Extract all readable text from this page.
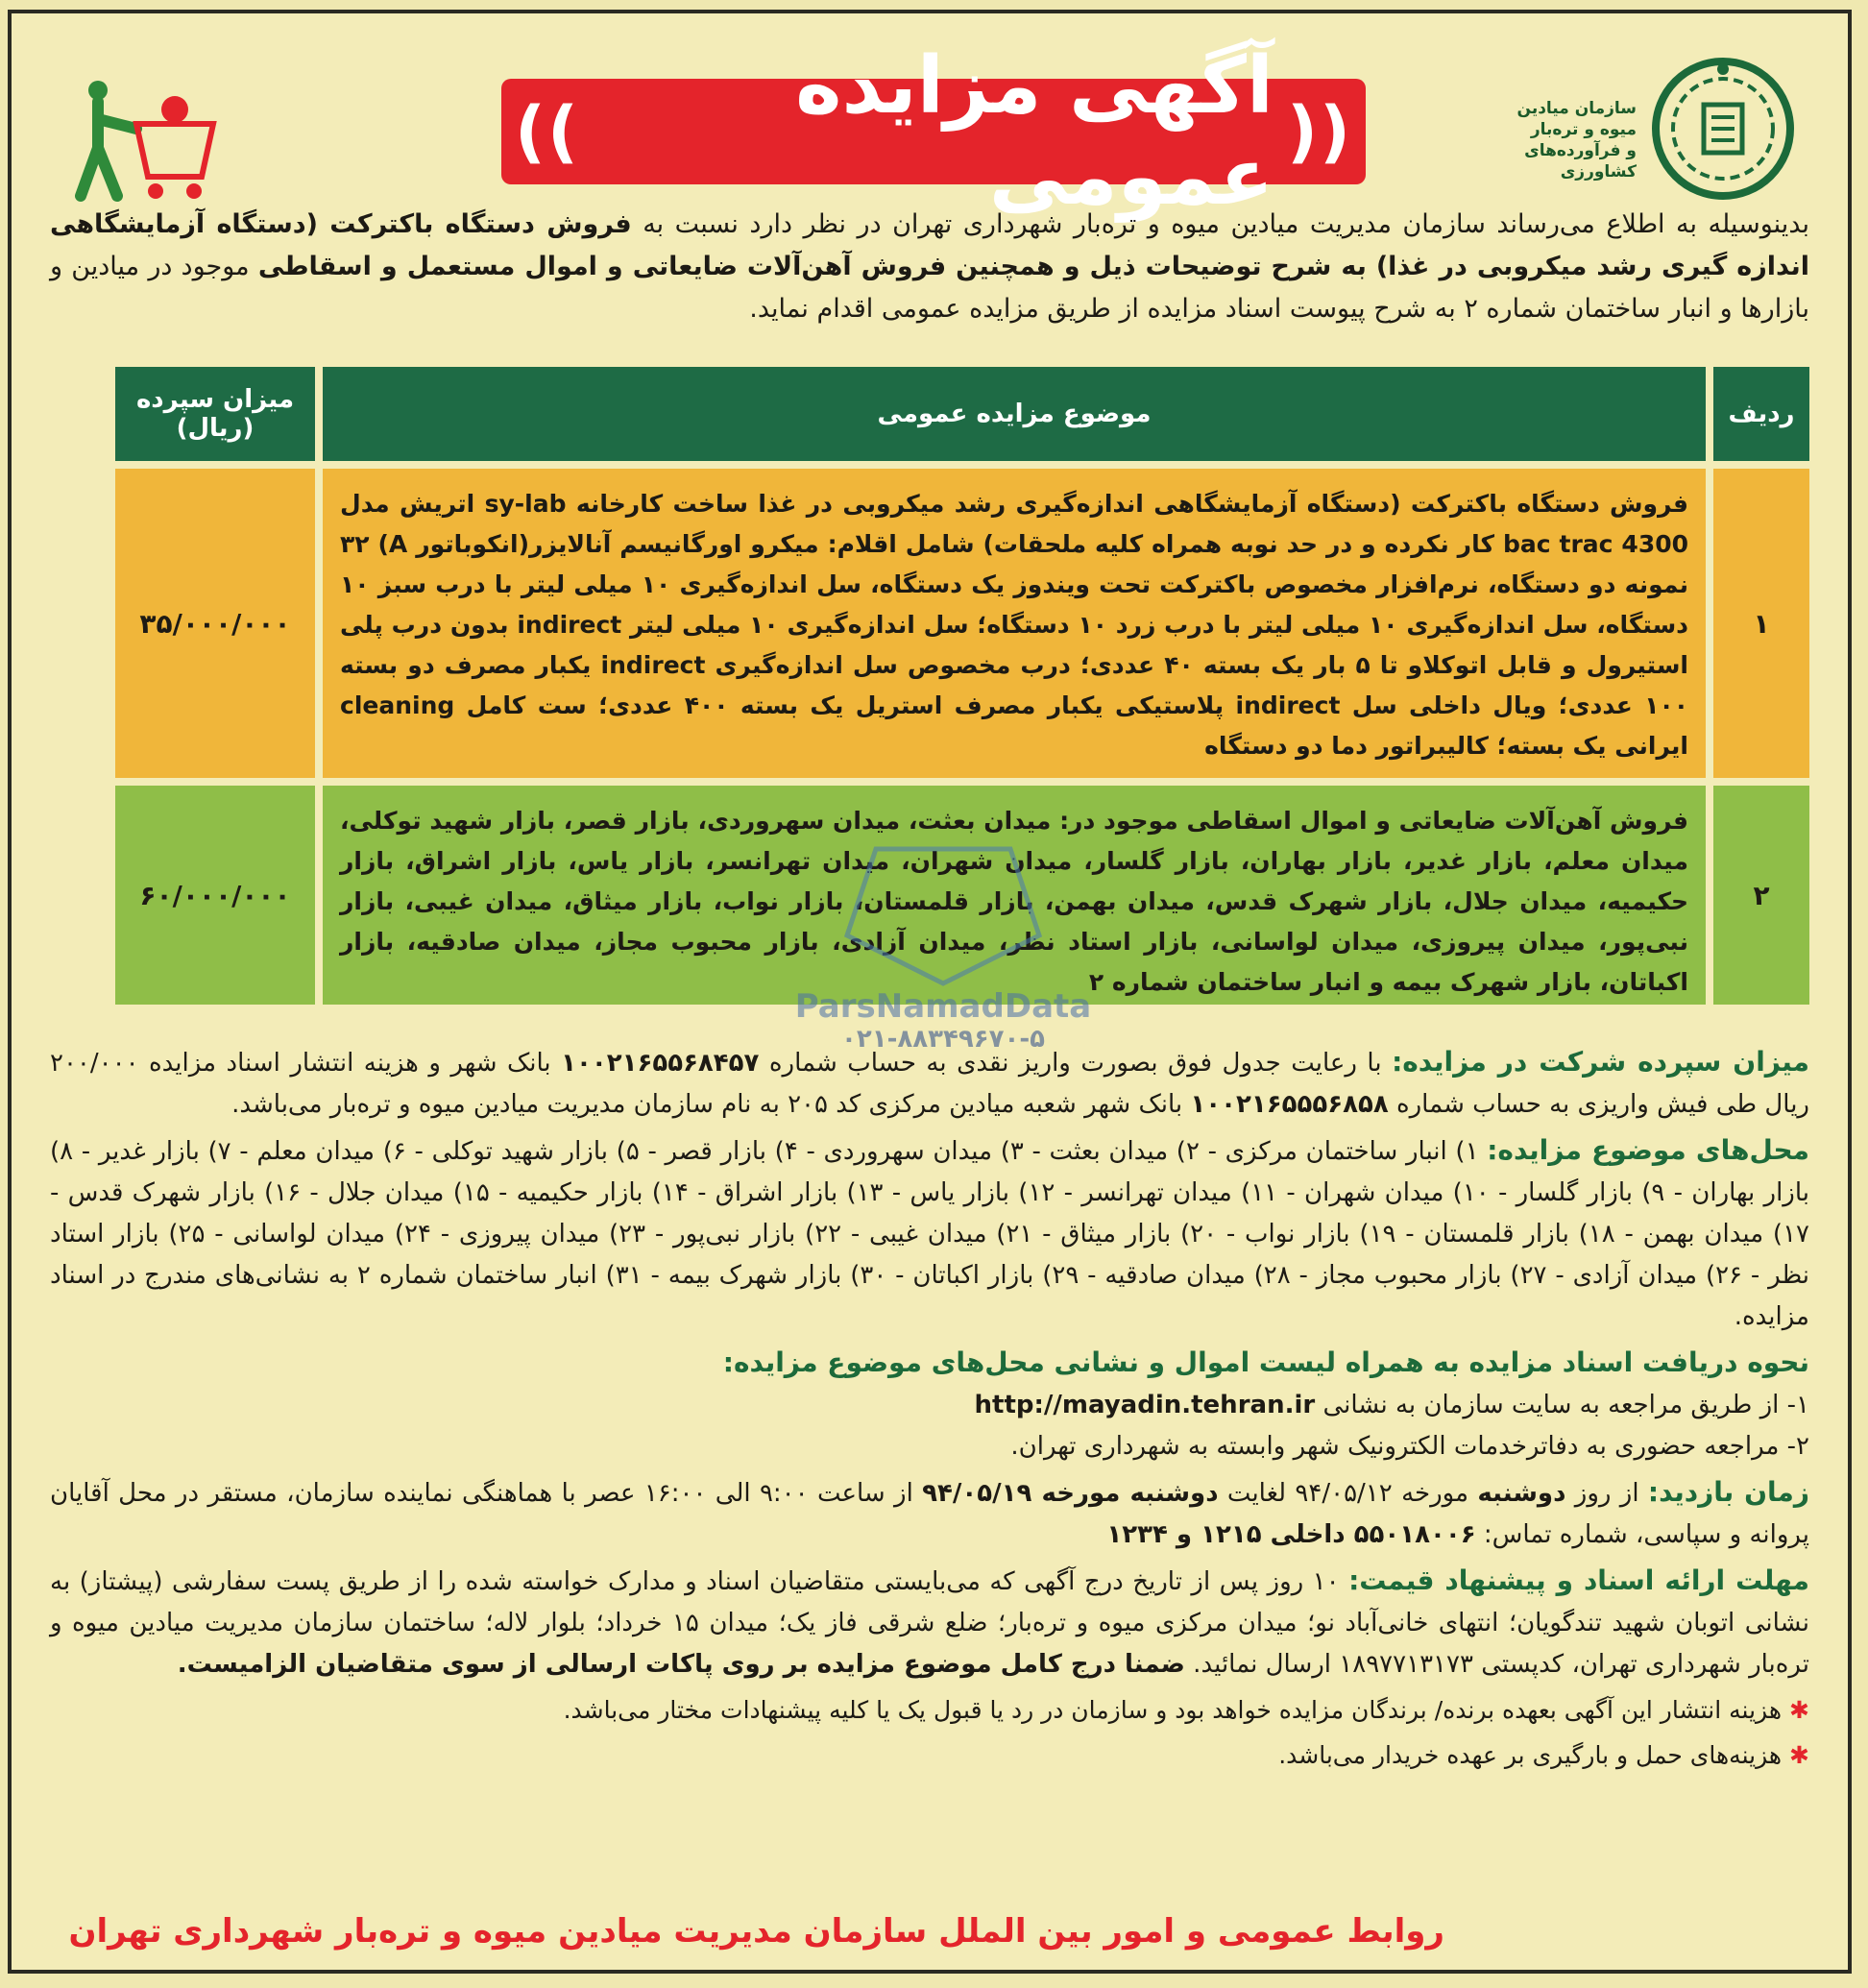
سازمان میادین
میوه و تره‌بار
و فرآورده‌های
کشاورزی
((
آگهی مزایده عمومی
))
بدینوسیله به اطلاع می‌رساند سازمان مدیریت میادین میوه و تره‌بار شهرداری تهران در نظر دارد نسبت به فروش دستگاه باکترکت (دستگاه آزمایشگاهی اندازه گیری رشد میکروبی در غذا) به شرح توضیحات ذیل و همچنین فروش آهن‌آلات ضایعاتی و اموال مستعمل و اسقاطی موجود در میادین و بازارها و انبار ساختمان شماره ۲ به شرح پیوست اسناد مزایده از طریق مزایده عمومی اقدام نماید.
ردیف
موضوع مزایده عمومی
میزان سپرده (ریال)
۱
فروش دستگاه باکترکت (دستگاه آزمایشگاهی اندازه‌گیری رشد میکروبی در غذا ساخت کارخانه sy-lab اتریش مدل bac trac 4300 کار نکرده و در حد نوبه همراه کلیه ملحقات) شامل اقلام: میکرو اورگانیسم آنالایزر(انکوباتور A) ۳۲ نمونه دو دستگاه، نرم‌افزار مخصوص باکترکت تحت ویندوز یک دستگاه، سل اندازه‌گیری ۱۰ میلی لیتر با درب سبز ۱۰ دستگاه، سل اندازه‌گیری ۱۰ میلی لیتر با درب زرد ۱۰ دستگاه؛ سل اندازه‌گیری ۱۰ میلی لیتر indirect بدون درب پلی استیرول و قابل اتوکلاو تا ۵ بار یک بسته ۴۰ عددی؛ درب مخصوص سل اندازه‌گیری indirect یکبار مصرف دو بسته ۱۰۰ عددی؛ ویال داخلی سل indirect پلاستیکی یکبار مصرف استریل یک بسته ۴۰۰ عددی؛ ست کامل cleaning ایرانی یک بسته؛ کالیبراتور دما دو دستگاه
۳۵/۰۰۰/۰۰۰
۲
فروش آهن‌آلات ضایعاتی و اموال اسقاطی موجود در: میدان بعثت، میدان سهروردی، بازار قصر، بازار شهید توکلی، میدان معلم، بازار غدیر، بازار بهاران، بازار گلسار، میدان شهران، میدان تهرانسر، بازار یاس، بازار اشراق، بازار حکیمیه، میدان جلال، بازار شهرک قدس، میدان بهمن، بازار قلمستان، بازار نواب، بازار میثاق، میدان غیبی، بازار نبی‌پور، میدان پیروزی، میدان لواسانی، بازار استاد نظر، میدان آزادی، بازار محبوب مجاز، میدان صادقیه، بازار اکباتان، بازار شهرک بیمه و انبار ساختمان شماره ۲
۶۰/۰۰۰/۰۰۰
ParsNamadData
۰۲۱-۸۸۳۴۹۶۷۰-۵

میزان سپرده شرکت در مزایده: با رعایت جدول فوق بصورت واریز نقدی به حساب شماره ۱۰۰۲۱۶۵۵۶۸۴۵۷ بانک شهر و هزینه انتشار اسناد مزایده ۲۰۰/۰۰۰ ریال طی فیش واریزی به حساب شماره ۱۰۰۲۱۶۵۵۵۶۸۵۸ بانک شهر شعبه میادین مرکزی کد ۲۰۵ به نام سازمان مدیریت میادین میوه و تره‌بار می‌باشد.

محل‌های موضوع مزایده: ۱) انبار ساختمان مرکزی - ۲) میدان بعثت - ۳) میدان سهروردی - ۴) بازار قصر - ۵) بازار شهید توکلی - ۶) میدان معلم - ۷) بازار غدیر - ۸) بازار بهاران - ۹) بازار گلسار - ۱۰) میدان شهران - ۱۱) میدان تهرانسر - ۱۲) بازار یاس - ۱۳) بازار اشراق - ۱۴) بازار حکیمیه - ۱۵) میدان جلال - ۱۶) بازار شهرک قدس - ۱۷) میدان بهمن - ۱۸) بازار قلمستان - ۱۹) بازار نواب - ۲۰) بازار میثاق - ۲۱) میدان غیبی - ۲۲) بازار نبی‌پور - ۲۳) میدان پیروزی - ۲۴) میدان لواسانی - ۲۵) بازار استاد نظر - ۲۶) میدان آزادی - ۲۷) بازار محبوب مجاز - ۲۸) میدان صادقیه - ۲۹) بازار اکباتان - ۳۰) بازار شهرک بیمه - ۳۱) انبار ساختمان شماره ۲ به نشانی‌های مندرج در اسناد مزایده.

نحوه دریافت اسناد مزایده به همراه لیست اموال و نشانی محل‌های موضوع مزایده:
۱- از طریق مراجعه به سایت سازمان به نشانی http://mayadin.tehran.ir
۲- مراجعه حضوری به دفاترخدمات الکترونیک شهر وابسته به شهرداری تهران.

زمان بازدید: از روز دوشنبه مورخه ۹۴/۰۵/۱۲ لغایت دوشنبه مورخه ۹۴/۰۵/۱۹ از ساعت ۹:۰۰ الی ۱۶:۰۰ عصر با هماهنگی نماینده سازمان، مستقر در محل آقایان پروانه و سپاسی، شماره تماس: ۵۵۰۱۸۰۰۶ داخلی ۱۲۱۵ و ۱۲۳۴

مهلت ارائه اسناد و پیشنهاد قیمت: ۱۰ روز پس از تاریخ درج آگهی که می‌بایستی متقاضیان اسناد و مدارک خواسته شده را از طریق پست سفارشی (پیشتاز) به نشانی اتوبان شهید تندگویان؛ انتهای خانی‌آباد نو؛ میدان مرکزی میوه و تره‌بار؛ ضلع شرقی فاز یک؛ میدان ۱۵ خرداد؛ بلوار لاله؛ ساختمان سازمان مدیریت میادین میوه و تره‌بار شهرداری تهران، کدپستی ۱۸۹۷۷۱۳۱۷۳ ارسال نمائید. ضمنا درج کامل موضوع مزایده بر روی پاکات ارسالی از سوی متقاضیان الزامیست.

✱هزینه انتشار این آگهی بعهده برنده/ برندگان مزایده خواهد بود و سازمان در رد یا قبول یک یا کلیه پیشنهادات مختار می‌باشد.

✱هزینه‌های حمل و بارگیری بر عهده خریدار می‌باشد.

روابط عمومی و امور بین الملل سازمان مدیریت میادین میوه و تره‌بار شهرداری تهران
